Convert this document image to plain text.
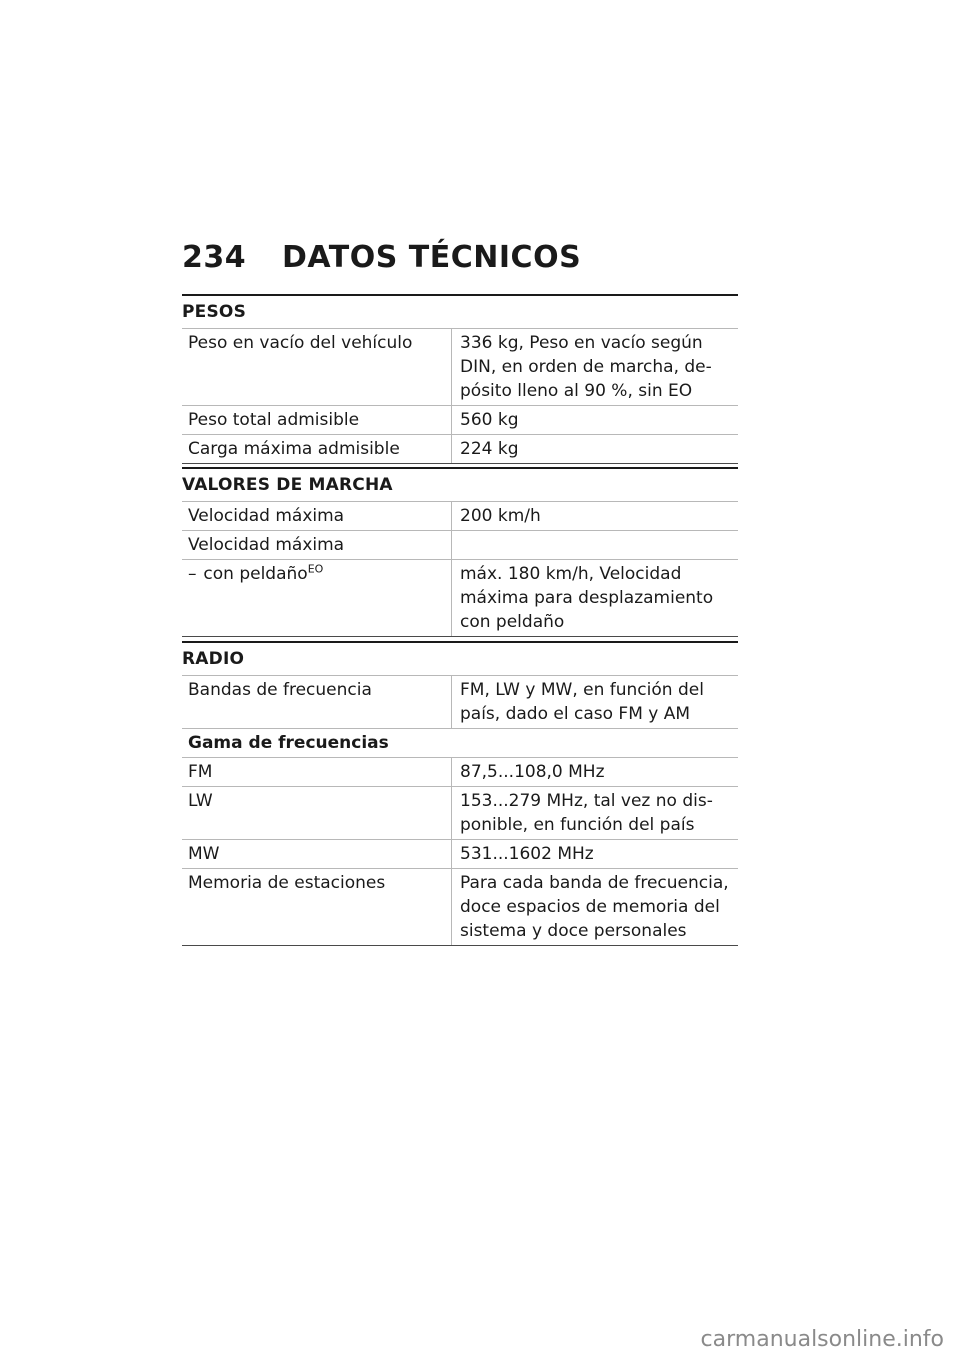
234	DATOS TÉCNICOS
PESOS
Peso en vacío del vehículo	336 kg, Peso en vacío según DIN, en orden de marcha, de-pósito lleno al 90 %, sin EO
Peso total admisible	560 kg
Carga máxima admisible	224 kg
VALORES DE MARCHA
Velocidad máxima	200 km/h
Velocidad máxima
– con peldaño$^{EO}$	máx. 180 km/h, Velocidad máxima para desplazamiento con peldaño
RADIO
Bandas de frecuencia	FM, LW y MW, en función del país, dado el caso FM y AM
Gama de frecuencias
FM	87,5...108,0 MHz
LW	153...279 MHz, tal vez no dis-ponible, en función del país
MW	531...1602 MHz
Memoria de estaciones	Para cada banda de frecuencia, doce espacios de memoria del sistema y doce personales
carmanualsonline.info
